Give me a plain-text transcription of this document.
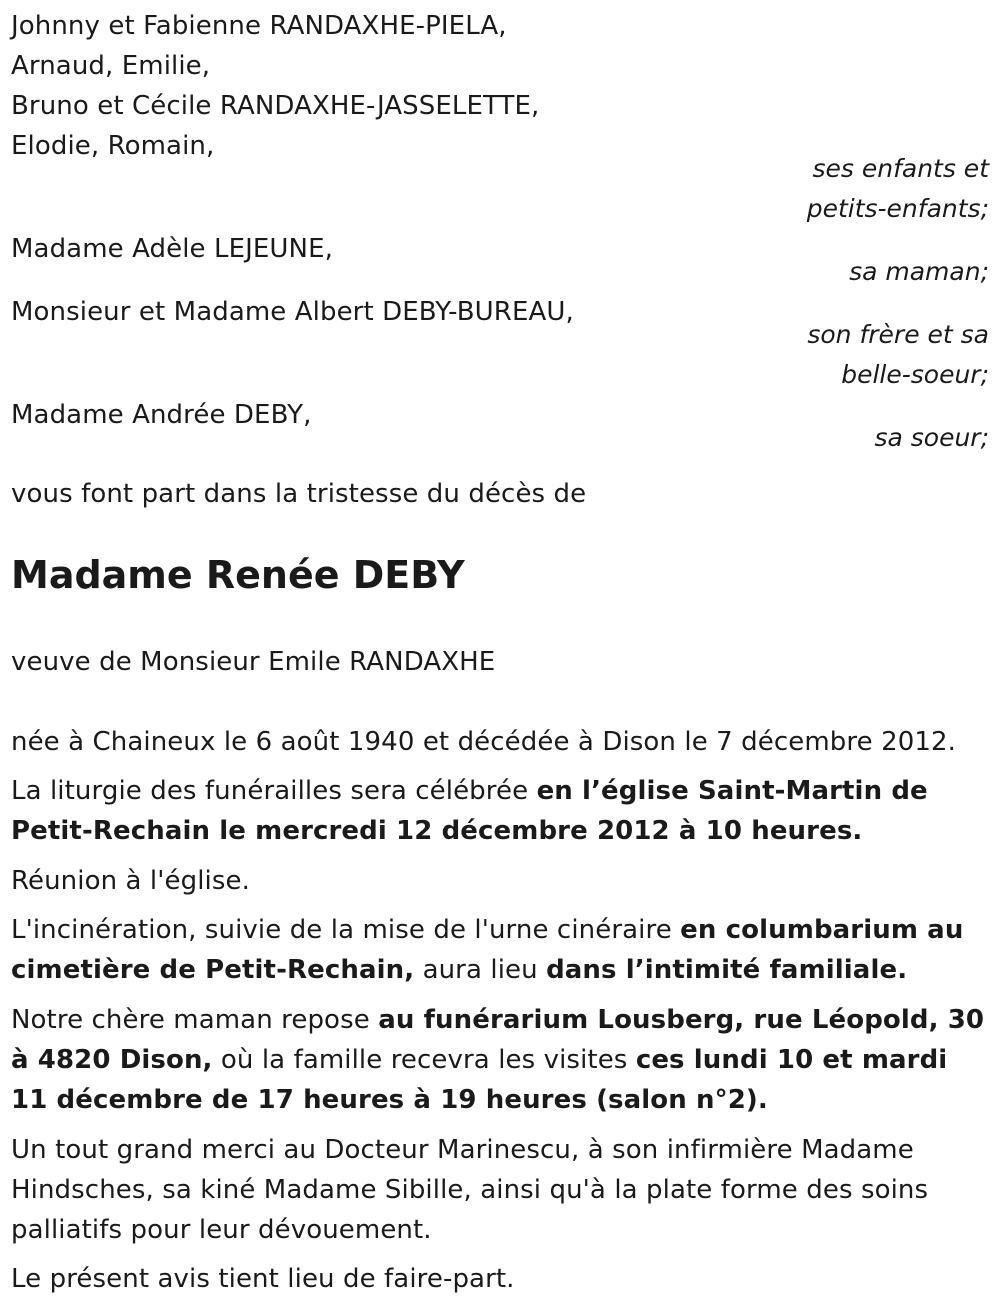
Johnny et Fabienne RANDAXHE-PIELA,
Arnaud, Emilie,
Bruno et Cécile RANDAXHE-JASSELETTE,
Elodie, Romain,
ses enfants et
petits-enfants;
Madame Adèle LEJEUNE,
sa maman;
Monsieur et Madame Albert DEBY-BUREAU,
son frère et sa
belle-soeur;
Madame Andrée DEBY,
sa soeur;
vous font part dans la tristesse du décès de
Madame Renée DEBY
veuve de Monsieur Emile RANDAXHE
née à Chaineux le 6 août 1940 et décédée à Dison le 7 décembre 2012.
La liturgie des funérailles sera célébrée en l’église Saint-Martin de Petit-Rechain le mercredi 12 décembre 2012 à 10 heures.
Réunion à l'église.
L'incinération, suivie de la mise de l'urne cinéraire en columbarium au cimetière de Petit-Rechain, aura lieu dans l’intimité familiale.
Notre chère maman repose au funérarium Lousberg, rue Léopold, 30 à 4820 Dison, où la famille recevra les visites ces lundi 10 et mardi 11 décembre de 17 heures à 19 heures (salon n°2).
Un tout grand merci au Docteur Marinescu, à son infirmière Madame Hindsches, sa kiné Madame Sibille, ainsi qu'à la plate forme des soins palliatifs pour leur dévouement.
Le présent avis tient lieu de faire-part.
